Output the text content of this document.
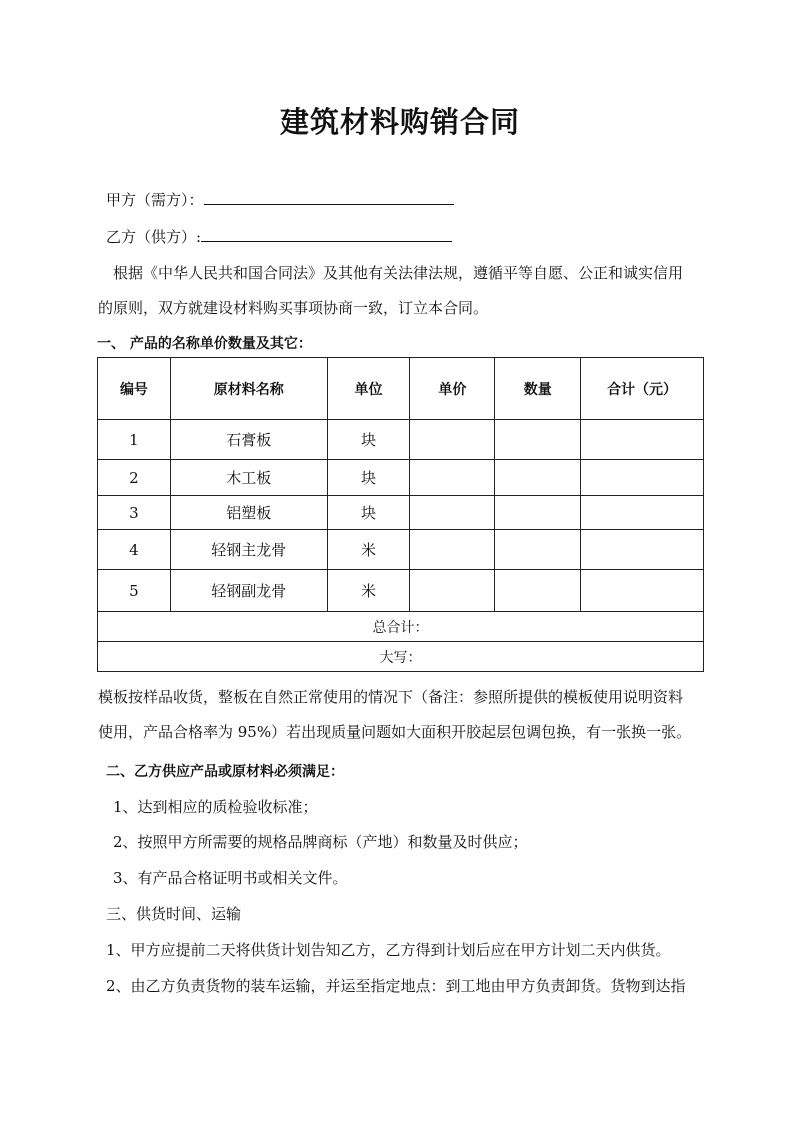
建筑材料购销合同
甲方（需方）：
乙方（供方）:
根据《中华人民共和国合同法》及其他有关法律法规，遵循平等自愿、公正和诚实信用
的原则，双方就建设材料购买事项协商一致，订立本合同。
一、 产品的名称单价数量及其它：
编号	原材料名称	单位	单价	数量	合计（元）
1	石膏板	块			
2	木工板	块			
3	铝塑板	块			
4	轻钢主龙骨	米			
5	轻钢副龙骨	米			
总合计：					
大写：					
模板按样品收货，整板在自然正常使用的情况下（备注：参照所提供的模板使用说明资料
使用，产品合格率为 95%）若出现质量问题如大面积开胶起层包调包换，有一张换一张。
二、乙方供应产品或原材料必须满足：
1、达到相应的质检验收标准；
2、按照甲方所需要的规格品牌商标（产地）和数量及时供应；
3、有产品合格证明书或相关文件。
三、供货时间、运输
1、甲方应提前二天将供货计划告知乙方，乙方得到计划后应在甲方计划二天内供货。
2、由乙方负责货物的装车运输，并运至指定地点：到工地由甲方负责卸货。货物到达指
